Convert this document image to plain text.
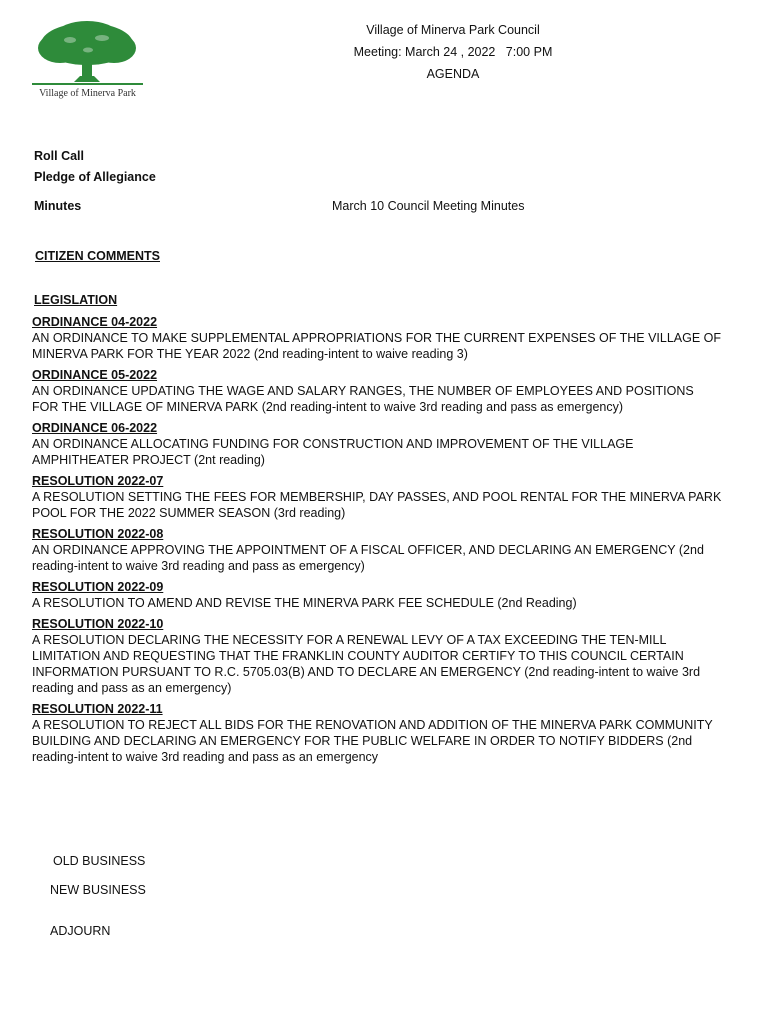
Village of Minerva Park
Village of Minerva Park Council
Meeting: March 24 , 2022   7:00 PM
AGENDA
Roll Call
Pledge of Allegiance
Minutes	March 10 Council Meeting Minutes
CITIZEN COMMENTS
LEGISLATION
ORDINANCE 04-2022
AN ORDINANCE TO MAKE SUPPLEMENTAL APPROPRIATIONS FOR THE CURRENT EXPENSES OF THE VILLAGE OF MINERVA PARK FOR THE YEAR 2022 (2nd reading-intent to waive reading 3)
ORDINANCE 05-2022
AN ORDINANCE UPDATING THE WAGE AND SALARY RANGES, THE NUMBER OF EMPLOYEES AND POSITIONS FOR THE VILLAGE OF MINERVA PARK (2nd reading-intent to waive 3rd reading and pass as emergency)
ORDINANCE 06-2022
AN ORDINANCE ALLOCATING FUNDING FOR CONSTRUCTION AND IMPROVEMENT OF THE VILLAGE AMPHITHEATER PROJECT (2nt reading)
RESOLUTION 2022-07
A RESOLUTION SETTING THE FEES FOR MEMBERSHIP, DAY PASSES, AND POOL RENTAL FOR THE MINERVA PARK POOL FOR THE 2022 SUMMER SEASON (3rd reading)
RESOLUTION 2022-08
AN ORDINANCE APPROVING THE APPOINTMENT OF A FISCAL OFFICER, AND DECLARING AN EMERGENCY (2nd reading-intent to waive 3rd reading and pass as emergency)
RESOLUTION 2022-09
A RESOLUTION TO AMEND AND REVISE THE MINERVA PARK FEE SCHEDULE (2nd Reading)
RESOLUTION 2022-10
A RESOLUTION DECLARING THE NECESSITY FOR A RENEWAL LEVY OF A TAX EXCEEDING THE TEN-MILL LIMITATION AND REQUESTING THAT THE FRANKLIN COUNTY AUDITOR CERTIFY TO THIS COUNCIL CERTAIN INFORMATION PURSUANT TO R.C. 5705.03(B) AND TO DECLARE AN EMERGENCY (2nd reading-intent to waive 3rd reading and pass as an emergency)
RESOLUTION 2022-11
A RESOLUTION TO REJECT ALL BIDS FOR THE RENOVATION AND ADDITION OF THE MINERVA PARK COMMUNITY BUILDING AND DECLARING AN EMERGENCY FOR THE PUBLIC WELFARE IN ORDER TO NOTIFY BIDDERS (2nd reading-intent to waive 3rd reading and pass as an emergency
OLD BUSINESS
NEW BUSINESS
ADJOURN
